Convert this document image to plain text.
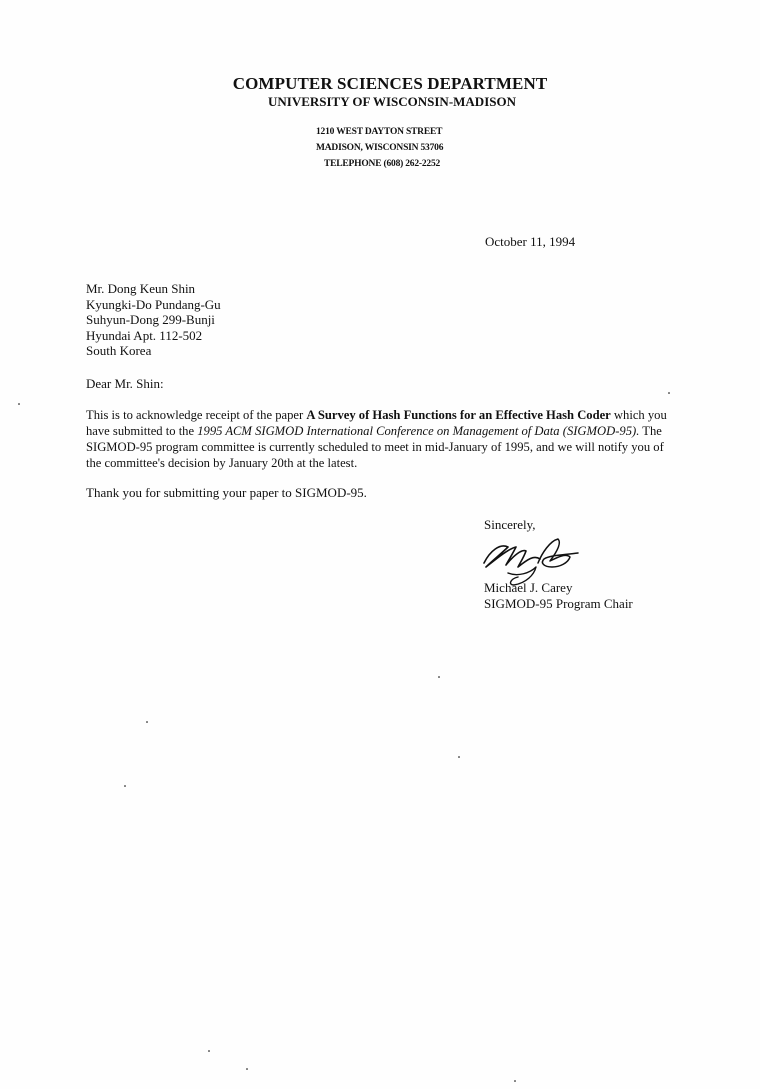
COMPUTER SCIENCES DEPARTMENT
UNIVERSITY OF WISCONSIN-MADISON
1210 WEST DAYTON STREET
MADISON, WISCONSIN 53706
TELEPHONE (608) 262-2252
October 11, 1994
Mr. Dong Keun Shin
Kyungki-Do Pundang-Gu
Suhyun-Dong 299-Bunji
Hyundai Apt. 112-502
South Korea
Dear Mr. Shin:
This is to acknowledge receipt of the paper A Survey of Hash Functions for an Effective Hash Coder which you
have submitted to the 1995 ACM SIGMOD International Conference on Management of Data (SIGMOD-95). The
SIGMOD-95 program committee is currently scheduled to meet in mid-January of 1995, and we will notify you of
the committee's decision by January 20th at the latest.
Thank you for submitting your paper to SIGMOD-95.
Sincerely,
Michael J. Carey
SIGMOD-95 Program Chair
